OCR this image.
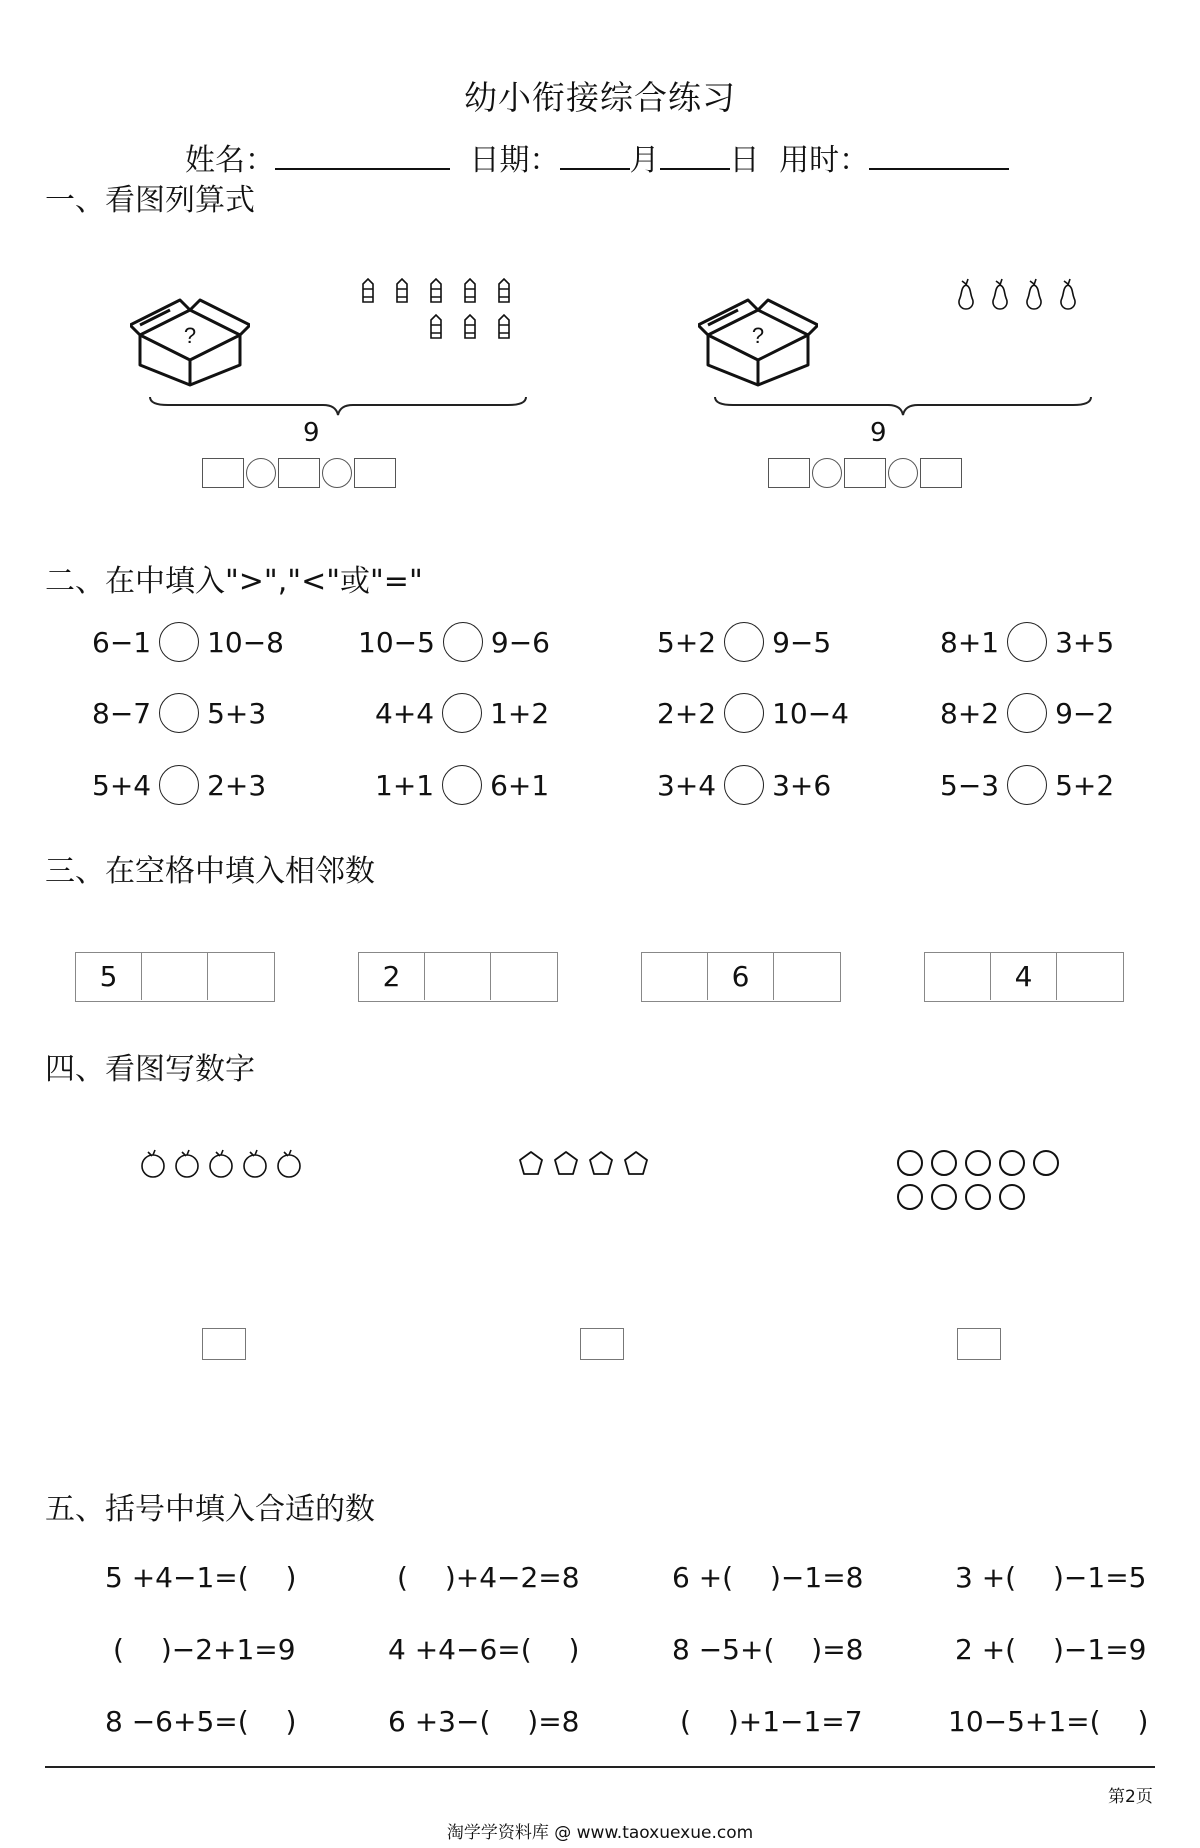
幼小衔接综合练习
姓名：	日期： 月 日 用时：
一、看图列算式
?
9
?
9
二、在中填入">","<"或"="
6−1 10−8	10−5 9−6	5+2 9−5	8+1 3+5
8−7 5+3	4+4 1+2	2+2 10−4	8+2 9−2
5+4 2+3	1+1 6+1	3+4 3+6	5−3 5+2
三、在空格中填入相邻数
5	2	6	4
四、看图写数字
五、括号中填入合适的数
5 +4−1=(　 )	(　 )+4−2=8	6 +(　 )−1=8	3 +(　 )−1=5
(　 )−2+1=9	4 +4−6=(　 )	8 −5+(　 )=8	2 +(　 )−1=9
8 −6+5=(　 )	6 +3−(　 )=8	(　 )+1−1=7	10−5+1=(　 )
第2页
淘学学资料库 @ www.taoxuexue.com
